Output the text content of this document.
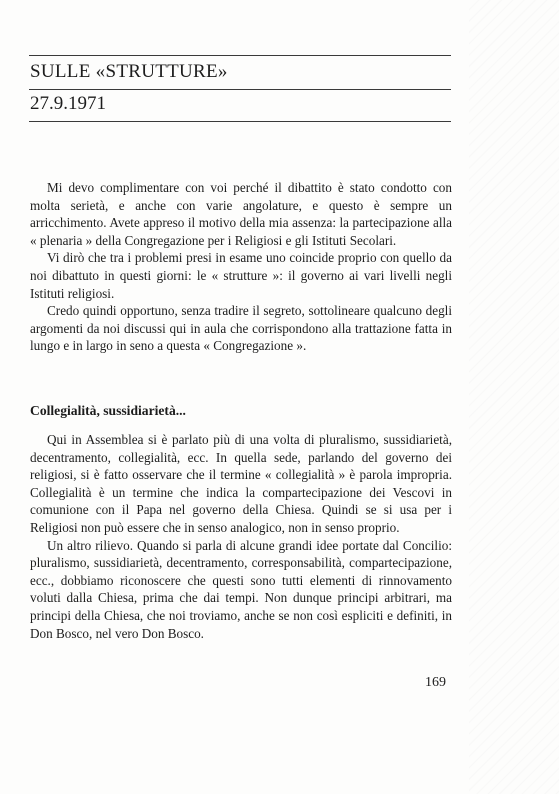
SULLE «STRUTTURE»
27.9.1971

Mi devo complimentare con voi perché il dibattito è stato condotto con molta serietà, e anche con varie angolature, e questo è sempre un arricchimento. Avete appreso il motivo della mia assenza: la partecipazione alla « plenaria » della Congregazione per i Religiosi e gli Istituti Secolari.

Vi dirò che tra i problemi presi in esame uno coincide proprio con quello da noi dibattuto in questi giorni: le « strutture »: il governo ai vari livelli negli Istituti religiosi.

Credo quindi opportuno, senza tradire il segreto, sottolineare qualcuno degli argomenti da noi discussi qui in aula che corrispondono alla trattazione fatta in lungo e in largo in seno a questa « Congregazione ».

Collegialità, sussidiarietà...

Qui in Assemblea si è parlato più di una volta di pluralismo, sussidiarietà, decentramento, collegialità, ecc. In quella sede, parlando del governo dei religiosi, si è fatto osservare che il termine « collegialità » è parola impropria. Collegialità è un termine che indica la compartecipazione dei Vescovi in comunione con il Papa nel governo della Chiesa. Quindi se si usa per i Religiosi non può essere che in senso analogico, non in senso proprio.

Un altro rilievo. Quando si parla di alcune grandi idee portate dal Concilio: pluralismo, sussidiarietà, decentramento, corresponsabilità, compartecipazione, ecc., dobbiamo riconoscere che questi sono tutti elementi di rinnovamento voluti dalla Chiesa, prima che dai tempi. Non dunque principi arbitrari, ma principi della Chiesa, che noi troviamo, anche se non così espliciti e definiti, in Don Bosco, nel vero Don Bosco.

169
